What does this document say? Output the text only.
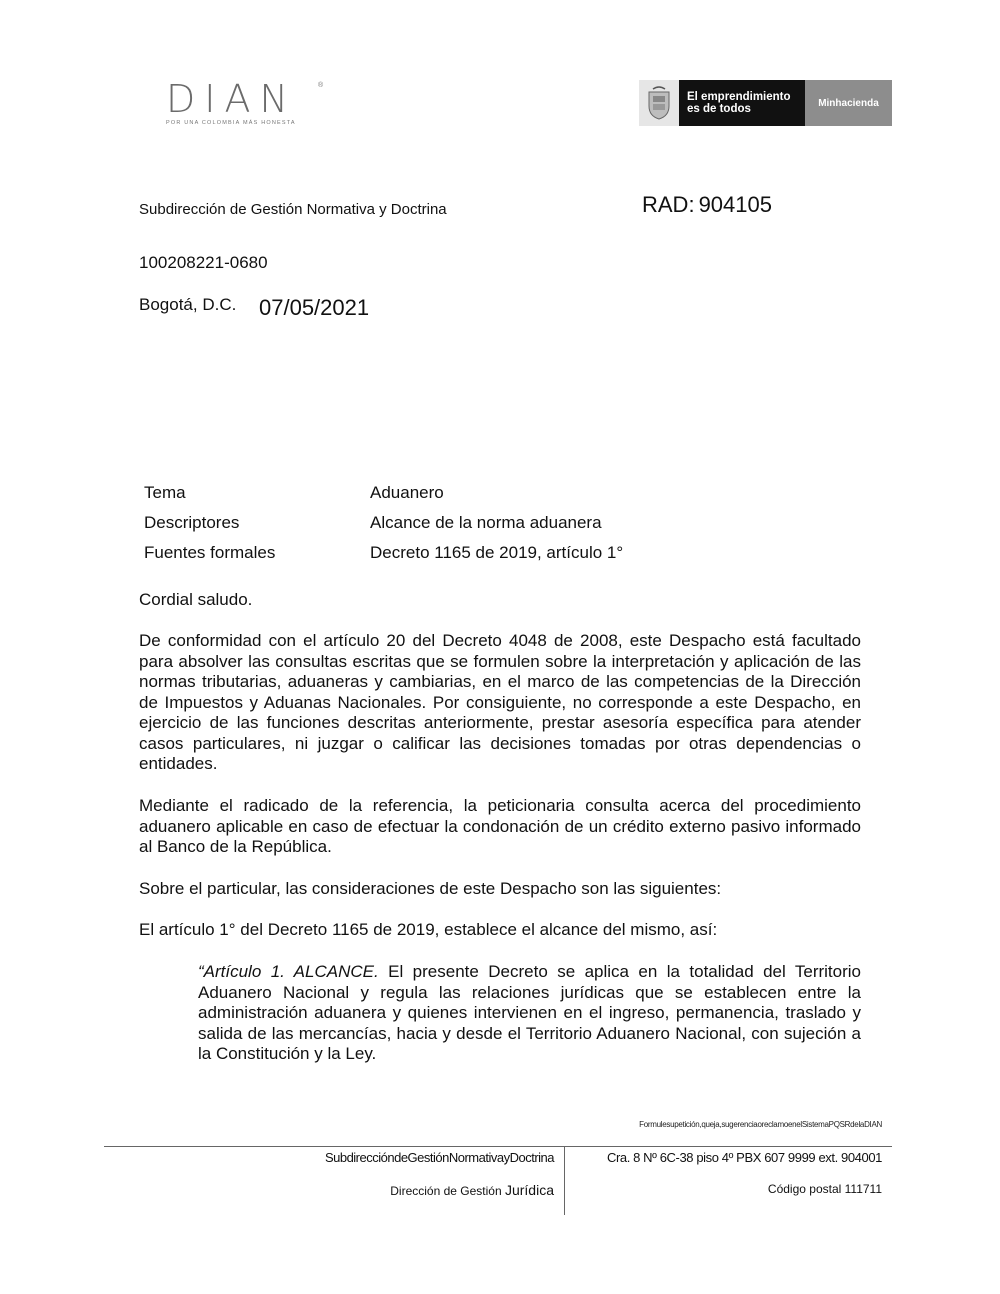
DIAN	®
POR UNA COLOMBIA MÁS HONESTA
El emprendimiento
es de todos	Minhacienda
Subdirección de Gestión Normativa y Doctrina	RAD: 904105
100208221-0680
Bogotá, D.C. 07/05/2021
Tema	Aduanero
Descriptores	Alcance de la norma aduanera
Fuentes formales	Decreto 1165 de 2019, artículo 1°
Cordial saludo.
De conformidad con el artículo 20 del Decreto 4048 de 2008, este Despacho está facultado para absolver las consultas escritas que se formulen sobre la interpretación y aplicación de las normas tributarias, aduaneras y cambiarias, en el marco de las competencias de la Dirección de Impuestos y Aduanas Nacionales. Por consiguiente, no corresponde a este Despacho, en ejercicio de las funciones descritas anteriormente, prestar asesoría específica para atender casos particulares, ni juzgar o calificar las decisiones tomadas por otras dependencias o entidades.
Mediante el radicado de la referencia, la peticionaria consulta acerca del procedimiento aduanero aplicable en caso de efectuar la condonación de un crédito externo pasivo informado al Banco de la República.
Sobre el particular, las consideraciones de este Despacho son las siguientes:
El artículo 1° del Decreto 1165 de 2019, establece el alcance del mismo, así:
“Artículo 1. ALCANCE. El presente Decreto se aplica en la totalidad del Territorio Aduanero Nacional y regula las relaciones jurídicas que se establecen entre la administración aduanera y quienes intervienen en el ingreso, permanencia, traslado y salida de las mercancías, hacia y desde el Territorio Aduanero Nacional, con sujeción a la Constitución y la Ley.
Formulesupetición,queja,sugerenciaoreclamoenelSistemaPQSRdelaDIAN
SubdireccióndeGestiónNormativayDoctrina
Dirección de Gestión Jurídica
Cra. 8 Nº 6C-38 piso 4º PBX 607 9999 ext. 904001
Código postal 111711
